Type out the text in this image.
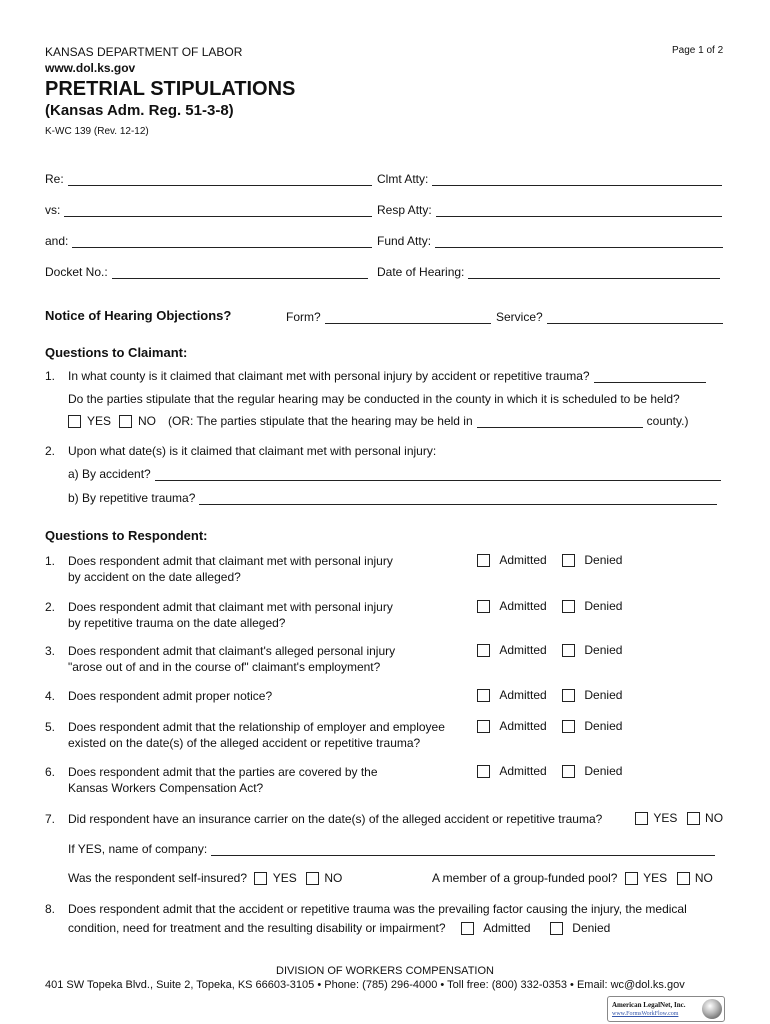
KANSAS DEPARTMENT OF LABOR
www.dol.ks.gov
Page 1 of 2
PRETRIAL STIPULATIONS
(Kansas Adm. Reg. 51-3-8)
K-WC 139 (Rev. 12-12)
Re:	Clmt Atty:
vs:	Resp Atty:
and:	Fund Atty:
Docket No.:	Date of Hearing:
Notice of Hearing Objections?	Form?	Service?
Questions to Claimant:
1. In what county is it claimed that claimant met with personal injury by accident or repetitive trauma?
Do the parties stipulate that the regular hearing may be conducted in the county in which it is scheduled to be held?
YES NO (OR: The parties stipulate that the hearing may be held in	county.)
2. Upon what date(s) is it claimed that claimant met with personal injury:
a) By accident?
b) By repetitive trauma?
Questions to Respondent:
1. Does respondent admit that claimant met with personal injury
by accident on the date alleged?
Admitted	Denied
2. Does respondent admit that claimant met with personal injury
by repetitive trauma on the date alleged?
Admitted	Denied
3. Does respondent admit that claimant's alleged personal injury
"arose out of and in the course of" claimant's employment?
Admitted	Denied
4. Does respondent admit proper notice?	Admitted	Denied
5. Does respondent admit that the relationship of employer and employee
existed on the date(s) of the alleged accident or repetitive trauma?
Admitted	Denied
6. Does respondent admit that the parties are covered by the
Kansas Workers Compensation Act?
Admitted	Denied
7. Did respondent have an insurance carrier on the date(s) of the alleged accident or repetitive trauma?	YES NO
If YES, name of company:
Was the respondent self-insured? YES NO	A member of a group-funded pool? YES NO
8. Does respondent admit that the accident or repetitive trauma was the prevailing factor causing the injury, the medical
condition, need for treatment and the resulting disability or impairment?	Admitted	Denied
DIVISION OF WORKERS COMPENSATION
401 SW Topeka Blvd., Suite 2, Topeka, KS 66603-3105 • Phone: (785) 296-4000 • Toll free: (800) 332-0353 • Email: wc@dol.ks.gov
American LegalNet, Inc.
www.FormsWorkFlow.com
